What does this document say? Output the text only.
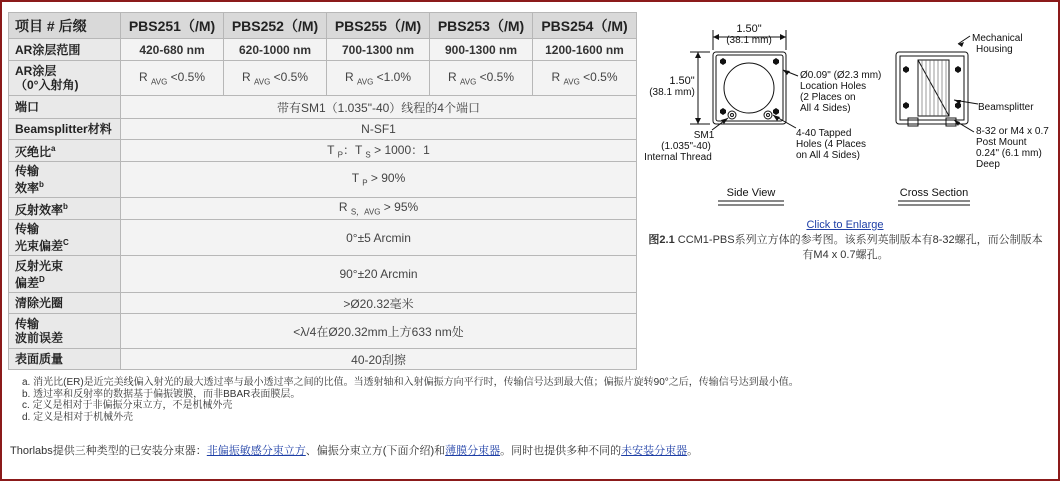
项目 # 后缀	PBS251（/M)	PBS252（/M)	PBS255（/M)	PBS253（/M)	PBS254（/M)
AR涂层范围	420-680 nm	620-1000 nm	700-1300 nm	900-1300 nm	1200-1600 nm
AR涂层
（0°入射角)	R $_{AVG}$ <0.5%	R $_{AVG}$ <0.5%	R $_{AVG}$ <1.0%	R $_{AVG}$ <0.5%	R $_{AVG}$ <0.5%
端口	带有SM1（1.035"-40）线程的4个端口				
Beamsplitter材料	N-SF1				
灭绝比$^a$	T $_P$：T $_S$ > 1000：1				
传输
效率$^b$	T $_P$ > 90%				
反射效率$^b$	R $_{S,AVG}$ > 95%				
传输
光束偏差$^C$	0°±5 Arcmin				
反射光束
偏差$^D$	90°±20 Arcmin				
清除光圈	>Ø20.32毫米				
传输
波前误差	<λ/4在Ø20.32mm上方633 nm处				
表面质量	40-20刮擦				
a. 消光比(ER)是近完美线偏入射光的最大透过率与最小透过率之间的比值。当透射轴和入射偏振方向平行时，传输信号达到最大值；偏振片旋转90°之后，传输信号达到最小值。
b. 透过率和反射率的数据基于偏振镀膜，而非BBAR表面膜层。
c. 定义是相对于非偏振分束立方，不是机械外壳
d. 定义是相对于机械外壳
Thorlabs提供三种类型的已安装分束器：非偏振敏感分束立方、偏振分束立方(下面介绍)和薄膜分束器。同时也提供多种不同的未安装分束器。
1.50"
(38.1 mm)
1.50"
(38.1 mm)
Ø0.09" (Ø2.3 mm)
Location Holes
(2 Places on
All 4 Sides)
4-40 Tapped
Holes (4 Places
on All 4 Sides)
SM1
(1.035"-40)
Internal Thread
Mechanical
Housing
Beamsplitter
8-32 or M4 x 0.7
Post Mount
0.24" (6.1 mm)
Deep
Side View	Cross Section
Click to Enlarge
图2.1 CCM1-PBS系列立方体的参考图。该系列英制版本有8-32螺孔，而公制版本有M4 x 0.7螺孔。
